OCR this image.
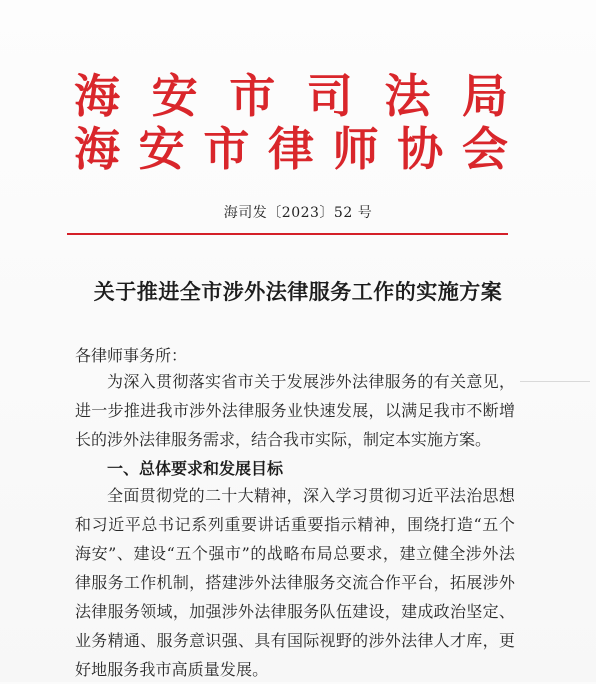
海 安 市 司 法 局
海 安 市 律 师 协 会
海司发〔2023〕52 号
关于推进全市涉外法律服务工作的实施方案
各律师事务所：
为深入贯彻落实省市关于发展涉外法律服务的有关意见，进一步推进我市涉外法律服务业快速发展，以满足我市不断增长的涉外法律服务需求，结合我市实际，制定本实施方案。
一、总体要求和发展目标
全面贯彻党的二十大精神，深入学习贯彻习近平法治思想和习近平总书记系列重要讲话重要指示精神，围绕打造“五个海安”、建设“五个强市”的战略布局总要求，建立健全涉外法律服务工作机制，搭建涉外法律服务交流合作平台，拓展涉外法律服务领域，加强涉外法律服务队伍建设，建成政治坚定、业务精通、服务意识强、具有国际视野的涉外法律人才库，更好地服务我市高质量发展。
